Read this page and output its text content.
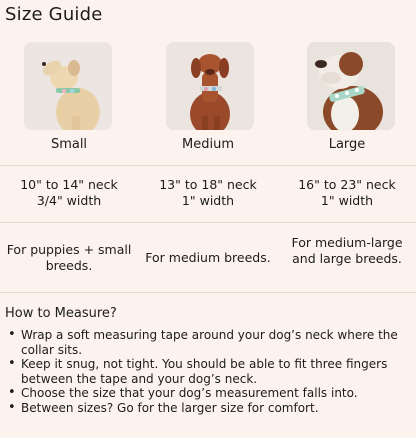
Size Guide
Small	Medium	Large
10" to 14" neck
3/4" width
13" to 18" neck
1" width
16" to 23" neck
1" width
For puppies + small breeds.
For medium breeds.
For medium-large and large breeds.
How to Measure?
• Wrap a soft measuring tape around your dog’s neck where the collar sits.
• Keep it snug, not tight. You should be able to fit three fingers between the tape and your dog’s neck.
• Choose the size that your dog’s measurement falls into.
• Between sizes? Go for the larger size for comfort.
